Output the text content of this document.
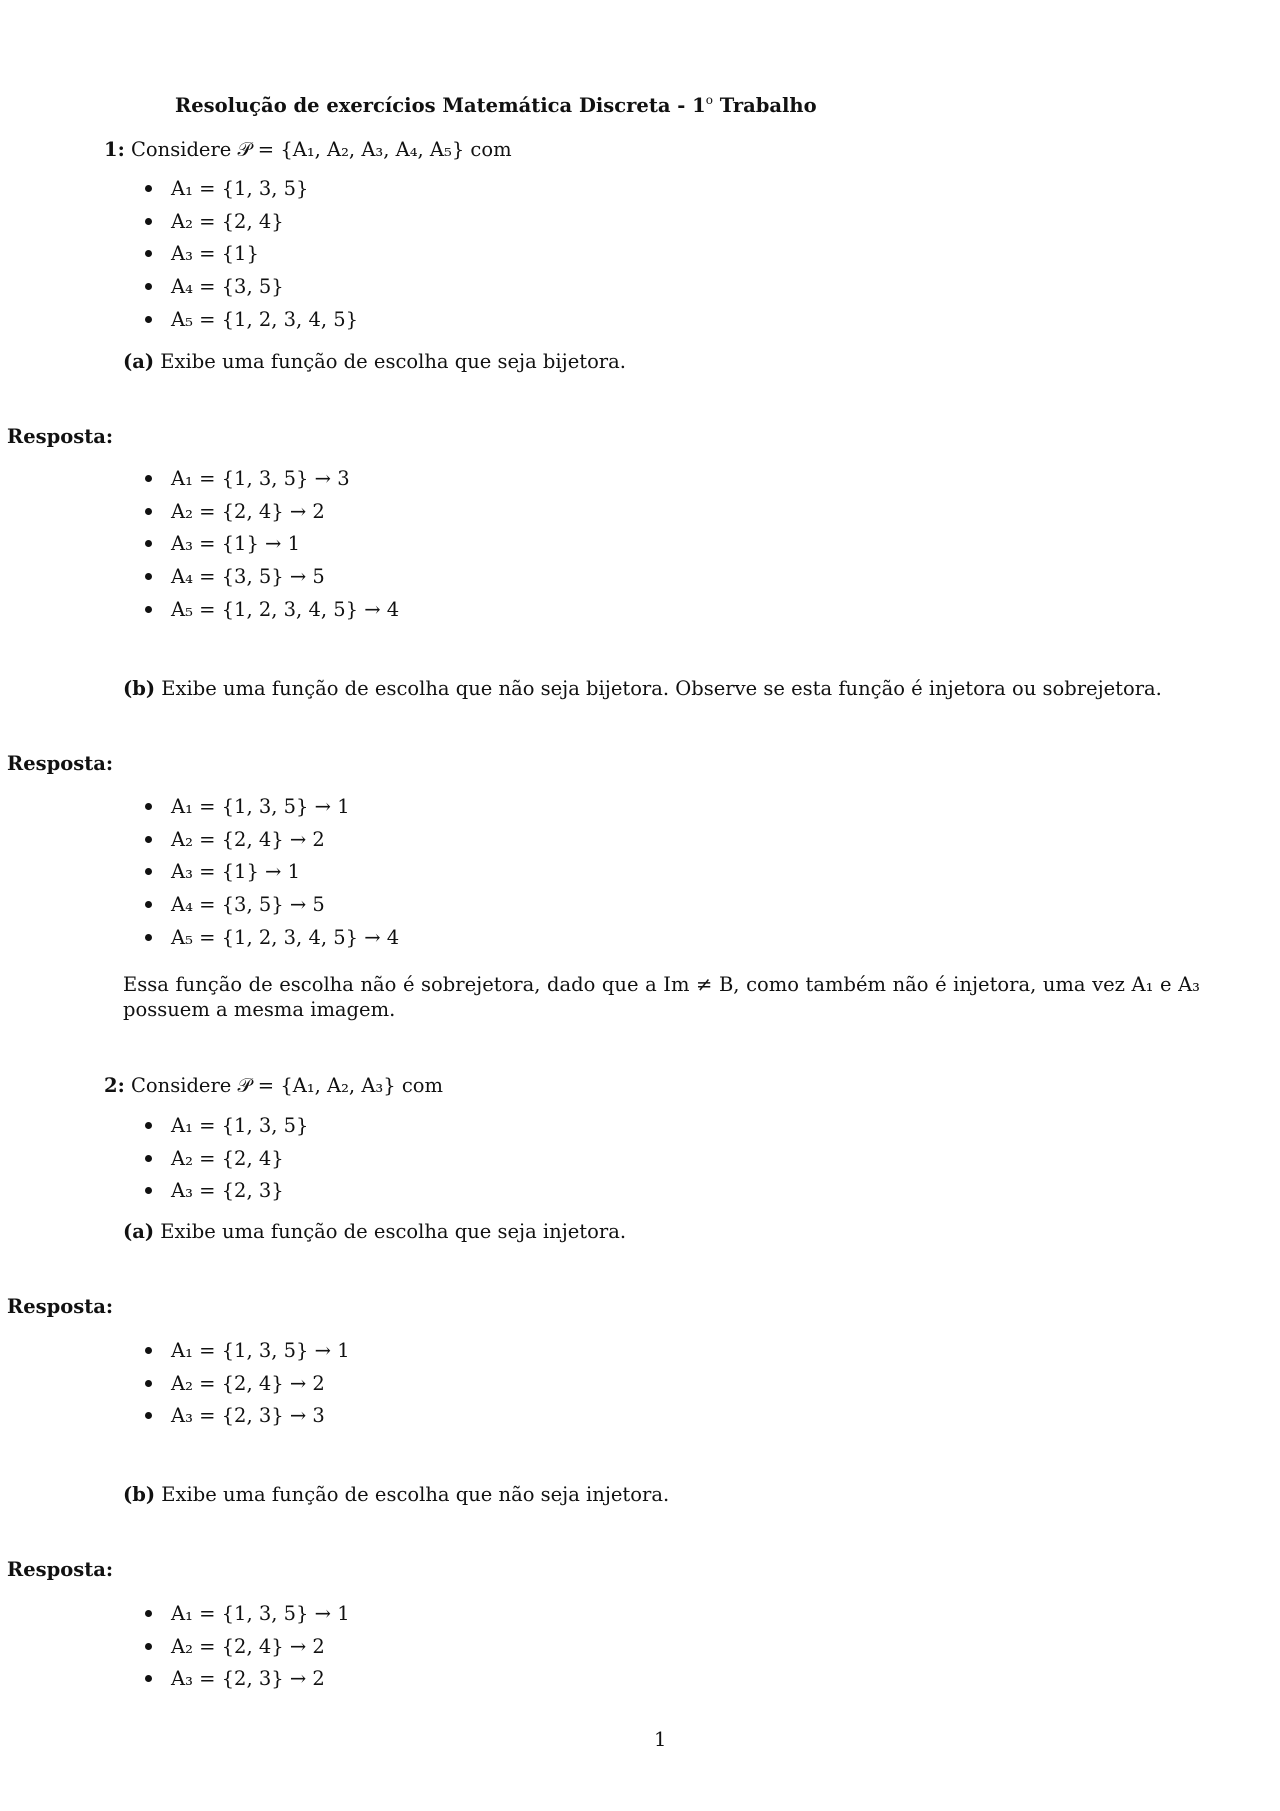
Resolução de exercícios Matemática Discreta - 1$^o$ Trabalho
1: Considere 𝒫 = {A₁, A₂, A₃, A₄, A₅} com
A₁ = {1, 3, 5}
A₂ = {2, 4}
A₃ = {1}
A₄ = {3, 5}
A₅ = {1, 2, 3, 4, 5}
(a) Exibe uma função de escolha que seja bijetora.
Resposta:
A₁ = {1, 3, 5} → 3
A₂ = {2, 4} → 2
A₃ = {1} → 1
A₄ = {3, 5} → 5
A₅ = {1, 2, 3, 4, 5} → 4
(b) Exibe uma função de escolha que não seja bijetora. Observe se esta função é injetora ou sobrejetora.
Resposta:
A₁ = {1, 3, 5} → 1
A₂ = {2, 4} → 2
A₃ = {1} → 1
A₄ = {3, 5} → 5
A₅ = {1, 2, 3, 4, 5} → 4
Essa função de escolha não é sobrejetora, dado que a Im ≠ B, como também não é injetora, uma vez A₁ e A₃ possuem a mesma imagem.
2: Considere 𝒫 = {A₁, A₂, A₃} com
A₁ = {1, 3, 5}
A₂ = {2, 4}
A₃ = {2, 3}
(a) Exibe uma função de escolha que seja injetora.
Resposta:
A₁ = {1, 3, 5} → 1
A₂ = {2, 4} → 2
A₃ = {2, 3} → 3
(b) Exibe uma função de escolha que não seja injetora.
Resposta:
A₁ = {1, 3, 5} → 1
A₂ = {2, 4} → 2
A₃ = {2, 3} → 2
1
